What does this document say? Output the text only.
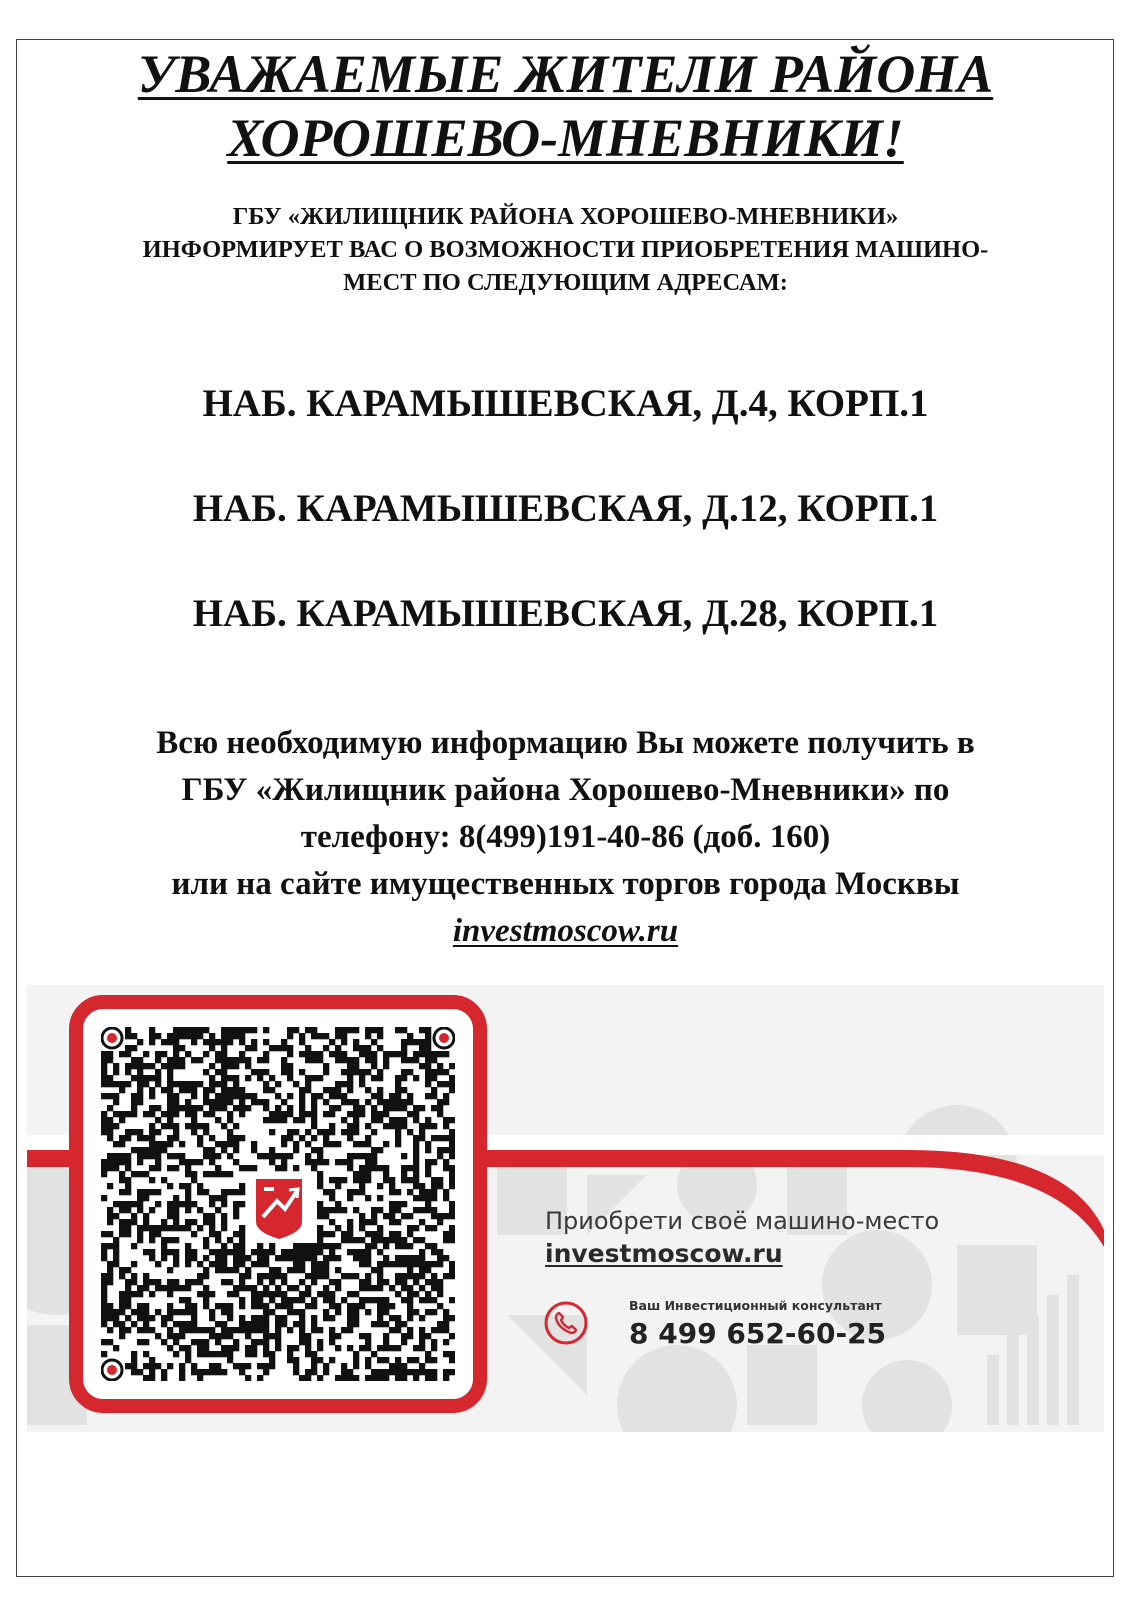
УВАЖАЕМЫЕ ЖИТЕЛИ РАЙОНА
ХОРОШЕВО-МНЕВНИКИ!
ГБУ «ЖИЛИЩНИК РАЙОНА ХОРОШЕВО-МНЕВНИКИ»
ИНФОРМИРУЕТ ВАС О ВОЗМОЖНОСТИ ПРИОБРЕТЕНИЯ МАШИНО-
МЕСТ ПО СЛЕДУЮЩИМ АДРЕСАМ:
НАБ. КАРАМЫШЕВСКАЯ, Д.4, КОРП.1
НАБ. КАРАМЫШЕВСКАЯ, Д.12, КОРП.1
НАБ. КАРАМЫШЕВСКАЯ, Д.28, КОРП.1
Всю необходимую информацию Вы можете получить в
ГБУ «Жилищник района Хорошево-Мневники» по
телефону: 8(499)191-40-86 (доб. 160)
или на сайте имущественных торгов города Москвы
investmoscow.ru
Приобрети своё машино-место
investmoscow.ru
Ваш Инвестиционный консультант
8 499 652-60-25
